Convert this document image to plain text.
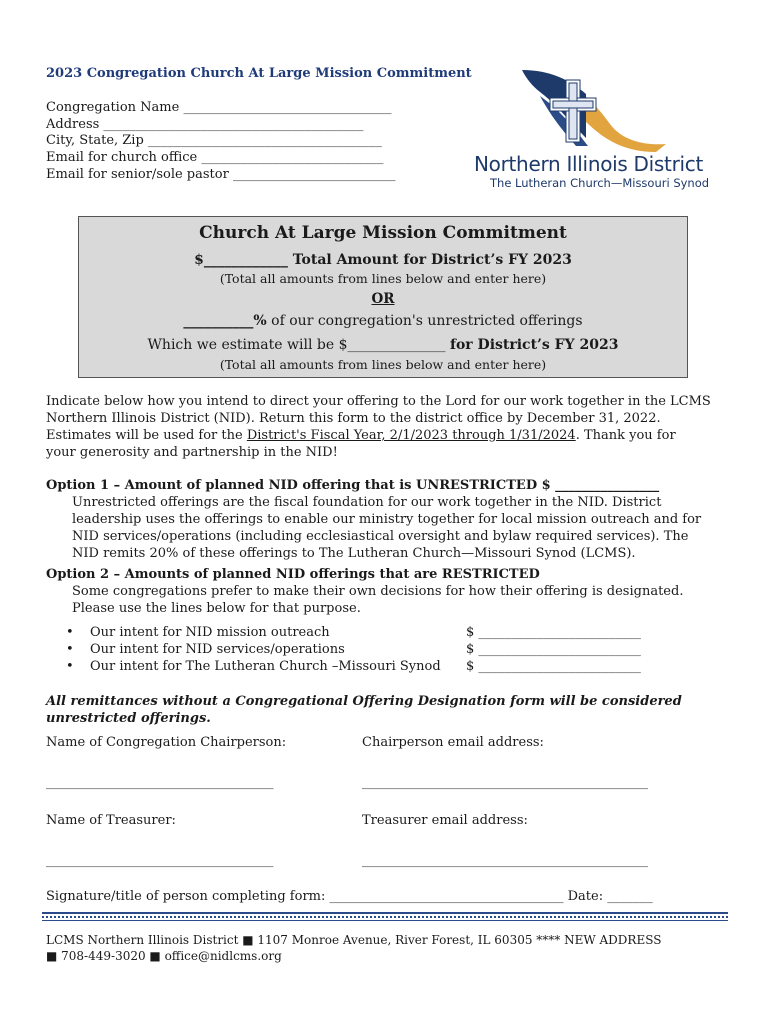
2023 Congregation Church At Large Mission Commitment
Congregation Name ________________________________
Address ________________________________________
City, State, Zip ____________________________________
Email for church office ____________________________
Email for senior/sole pastor _________________________	Northern Illinois District
The Lutheran Church—Missouri Synod
Church At Large Mission Commitment
$____________ Total Amount for District’s FY 2023
(Total all amounts from lines below and enter here)
OR
__________% of our congregation's unrestricted offerings
Which we estimate will be $______________ for District’s FY 2023
(Total all amounts from lines below and enter here)
Indicate below how you intend to direct your offering to the Lord for our work together in the LCMS
Northern Illinois District (NID). Return this form to the district office by December 31, 2022.
Estimates will be used for the District's Fiscal Year, 2/1/2023 through 1/31/2024. Thank you for
your generosity and partnership in the NID!
Option 1 – Amount of planned NID offering that is UNRESTRICTED $ ________________
Unrestricted offerings are the fiscal foundation for our work together in the NID. District
leadership uses the offerings to enable our ministry together for local mission outreach and for
NID services/operations (including ecclesiastical oversight and bylaw required services). The
NID remits 20% of these offerings to The Lutheran Church—Missouri Synod (LCMS).
Option 2 – Amounts of planned NID offerings that are RESTRICTED
Some congregations prefer to make their own decisions for how their offering is designated.
Please use the lines below for that purpose.
• Our intent for NID mission outreach	$ _________________________
• Our intent for NID services/operations	$ _________________________
• Our intent for The Lutheran Church –Missouri Synod $ _________________________
All remittances without a Congregational Offering Designation form will be considered
unrestricted offerings.
Name of Congregation Chairperson:	Chairperson email address:
___________________________________	____________________________________________
Name of Treasurer:	Treasurer email address:
___________________________________	____________________________________________
Signature/title of person completing form: ____________________________________ Date: _______
LCMS Northern Illinois District ■ 1107 Monroe Avenue, River Forest, IL 60305 **** NEW ADDRESS
■ 708-449-3020 ■ office@nidlcms.org
